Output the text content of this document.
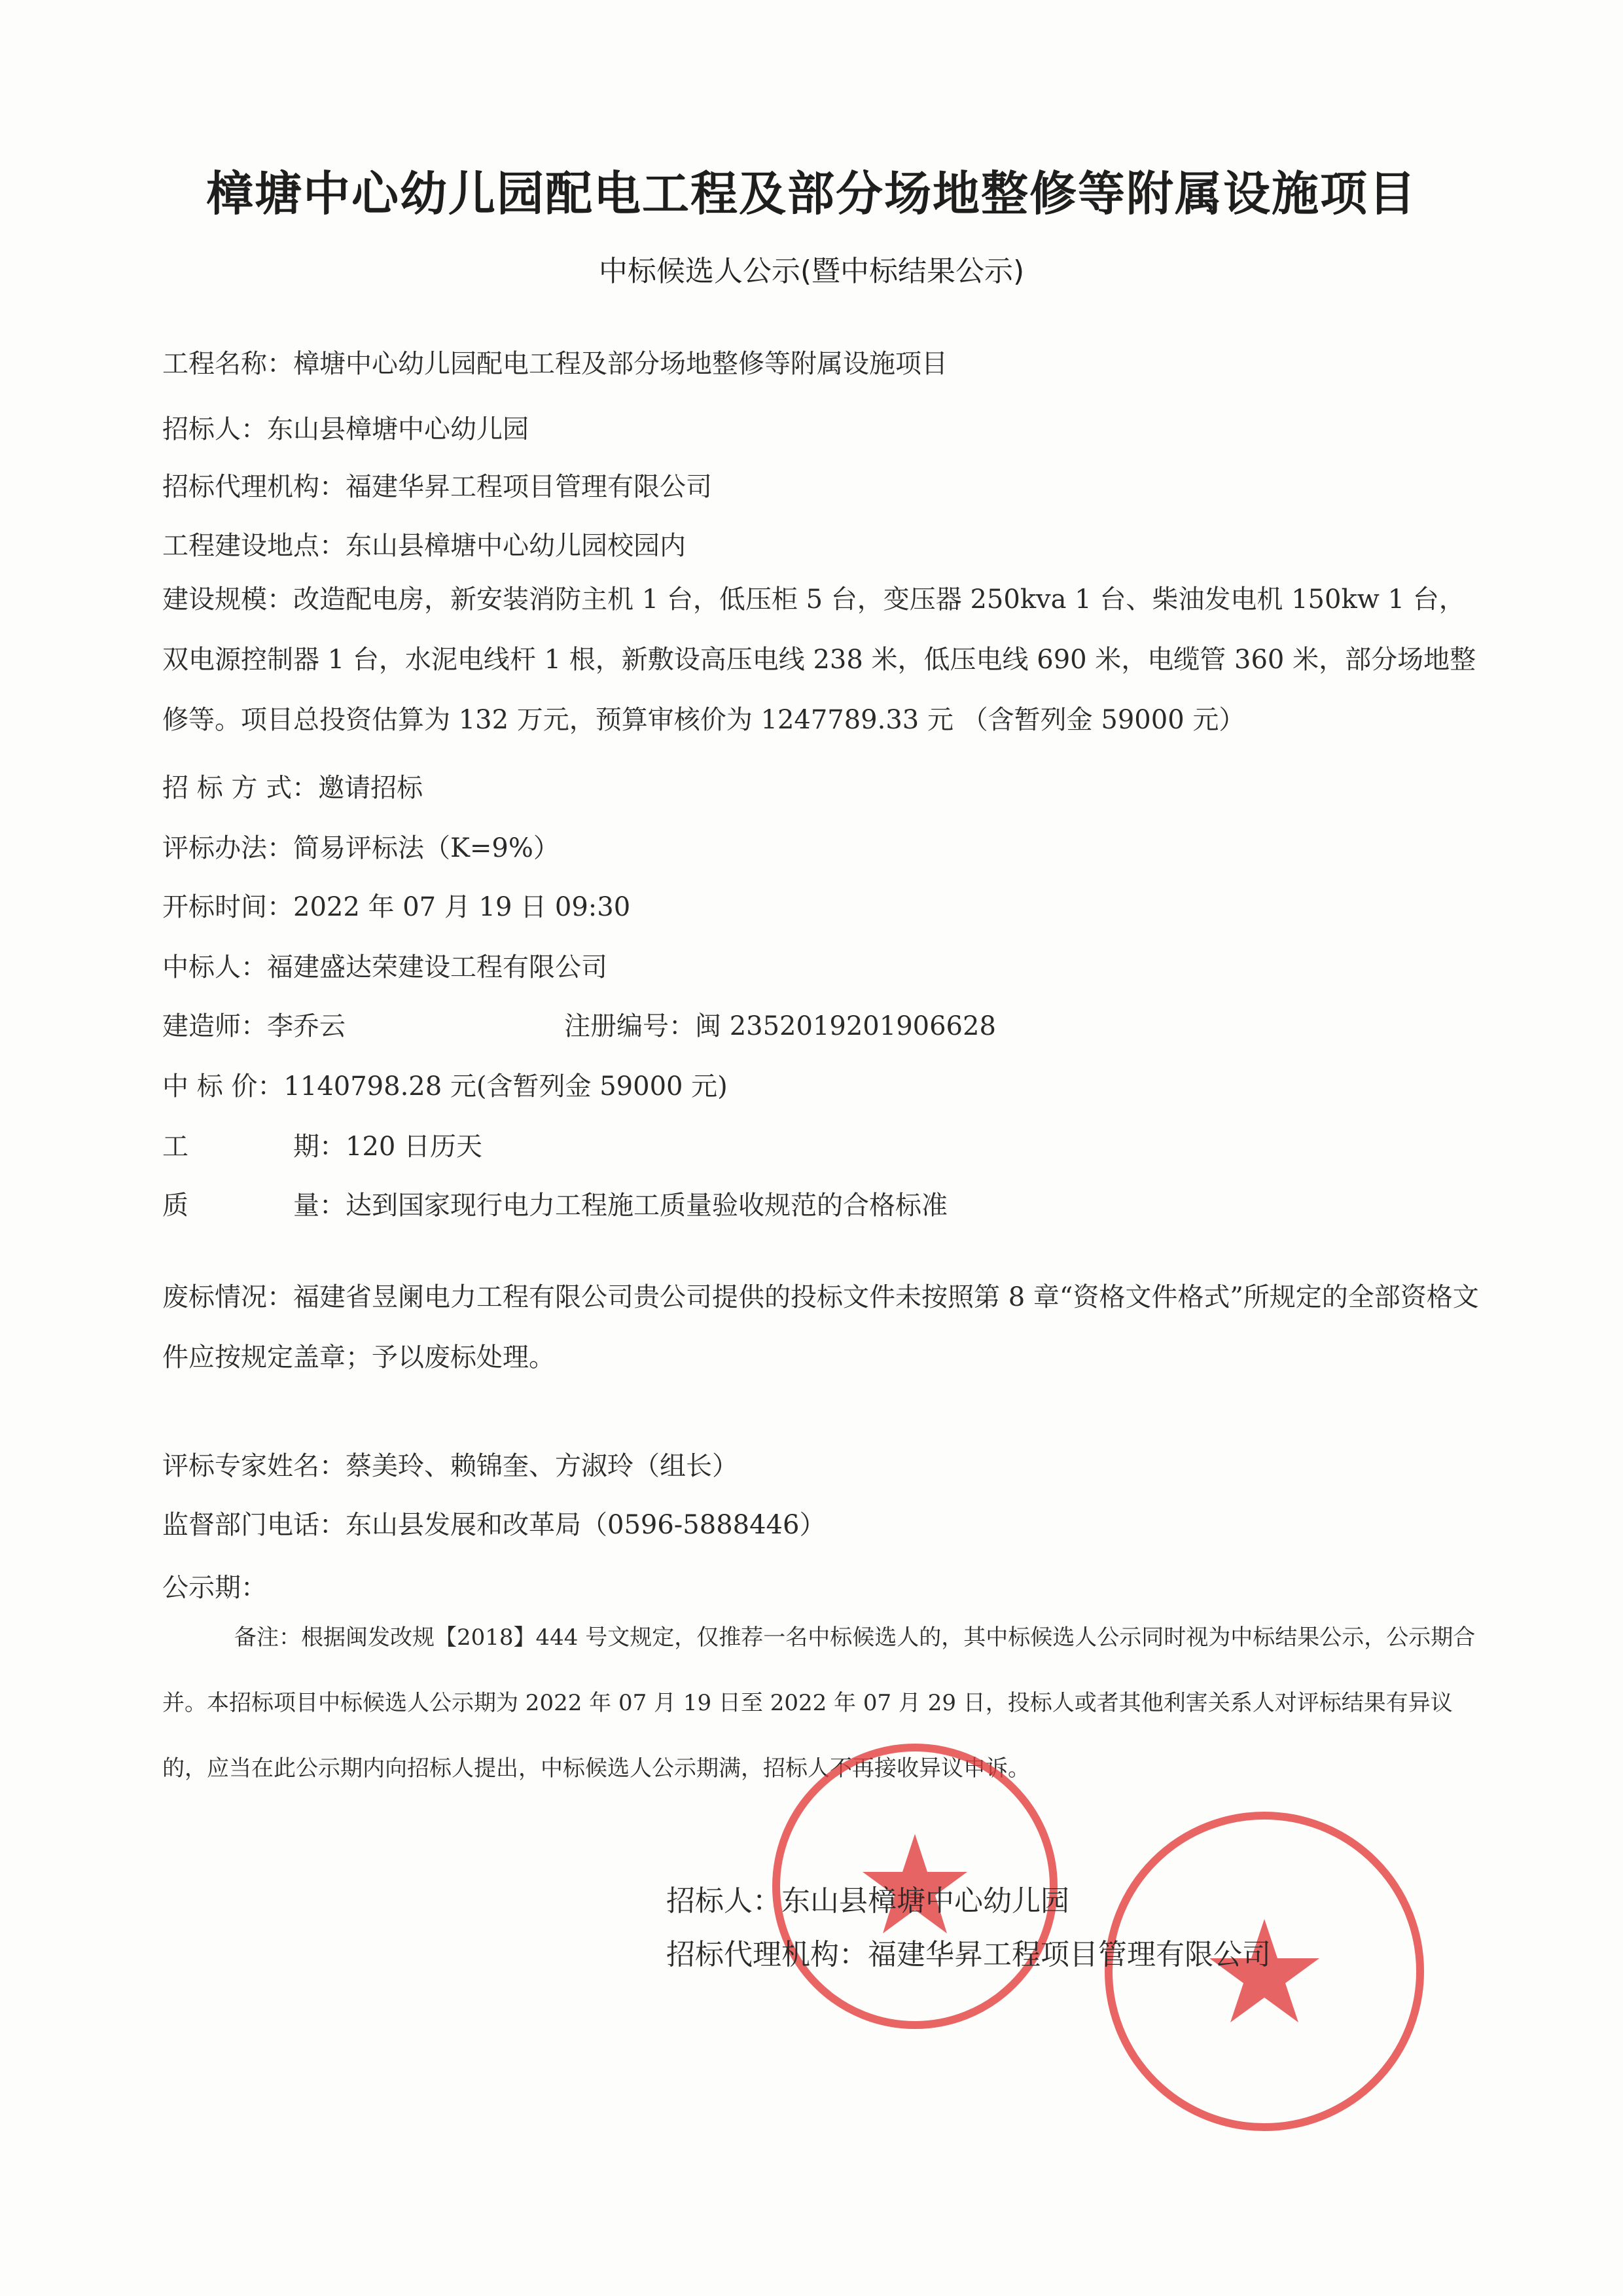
樟塘中心幼儿园配电工程及部分场地整修等附属设施项目
中标候选人公示(暨中标结果公示)
工程名称：樟塘中心幼儿园配电工程及部分场地整修等附属设施项目
招标人：东山县樟塘中心幼儿园
招标代理机构：福建华昇工程项目管理有限公司
工程建设地点：东山县樟塘中心幼儿园校园内
建设规模：改造配电房，新安装消防主机 1 台，低压柜 5 台，变压器 250kva 1 台、柴油发电机 150kw 1 台，双电源控制器 1 台，水泥电线杆 1 根，新敷设高压电线 238 米，低压电线 690 米，电缆管 360 米，部分场地整修等。项目总投资估算为 132 万元，预算审核价为 1247789.33 元 （含暂列金 59000 元）
招 标 方 式：邀请招标
评标办法：简易评标法（K=9%）
开标时间：2022 年 07 月 19 日 09:30
中标人：福建盛达荣建设工程有限公司
建造师：李乔云	注册编号：闽 2352019201906628
中 标 价：1140798.28 元(含暂列金 59000 元)
工	期：120 日历天
质	量：达到国家现行电力工程施工质量验收规范的合格标准
废标情况：福建省昱阑电力工程有限公司贵公司提供的投标文件未按照第 8 章“资格文件格式”所规定的全部资格文件应按规定盖章；予以废标处理。
评标专家姓名：蔡美玲、赖锦奎、方淑玲（组长）
监督部门电话：东山县发展和改革局（0596-5888446）
公示期：
备注：根据闽发改规【2018】444 号文规定，仅推荐一名中标候选人的，其中标候选人公示同时视为中标结果公示，公示期合并。本招标项目中标候选人公示期为 2022 年 07 月 19 日至 2022 年 07 月 29 日，投标人或者其他利害关系人对评标结果有异议的，应当在此公示期内向招标人提出，中标候选人公示期满，招标人不再接收异议申诉。
招标人：东山县樟塘中心幼儿园
招标代理机构：福建华昇工程项目管理有限公司
